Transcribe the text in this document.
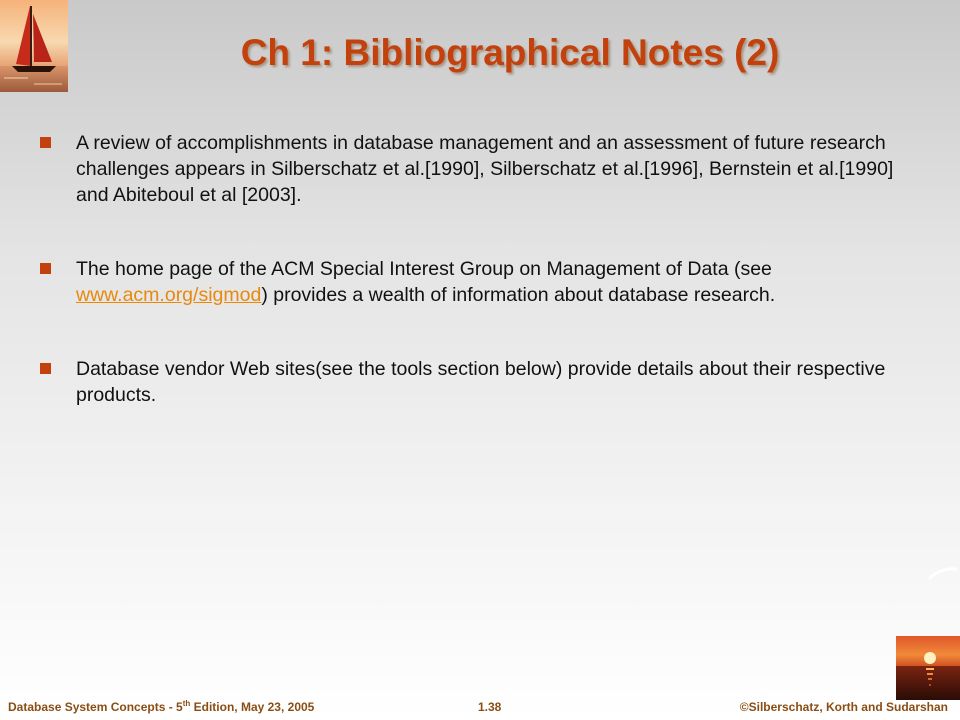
Ch 1: Bibliographical Notes (2)
A review of accomplishments in database management and an assessment of future research challenges appears in Silberschatz et al.[1990], Silberschatz et al.[1996], Bernstein et al.[1990] and Abiteboul et al [2003].
The home page of the ACM Special Interest Group on Management of Data (see www.acm.org/sigmod) provides a wealth of information about database research.
Database vendor Web sites(see the tools section below) provide details about their respective products.
Database System Concepts - 5th Edition, May 23, 2005	1.38	©Silberschatz, Korth and Sudarshan
